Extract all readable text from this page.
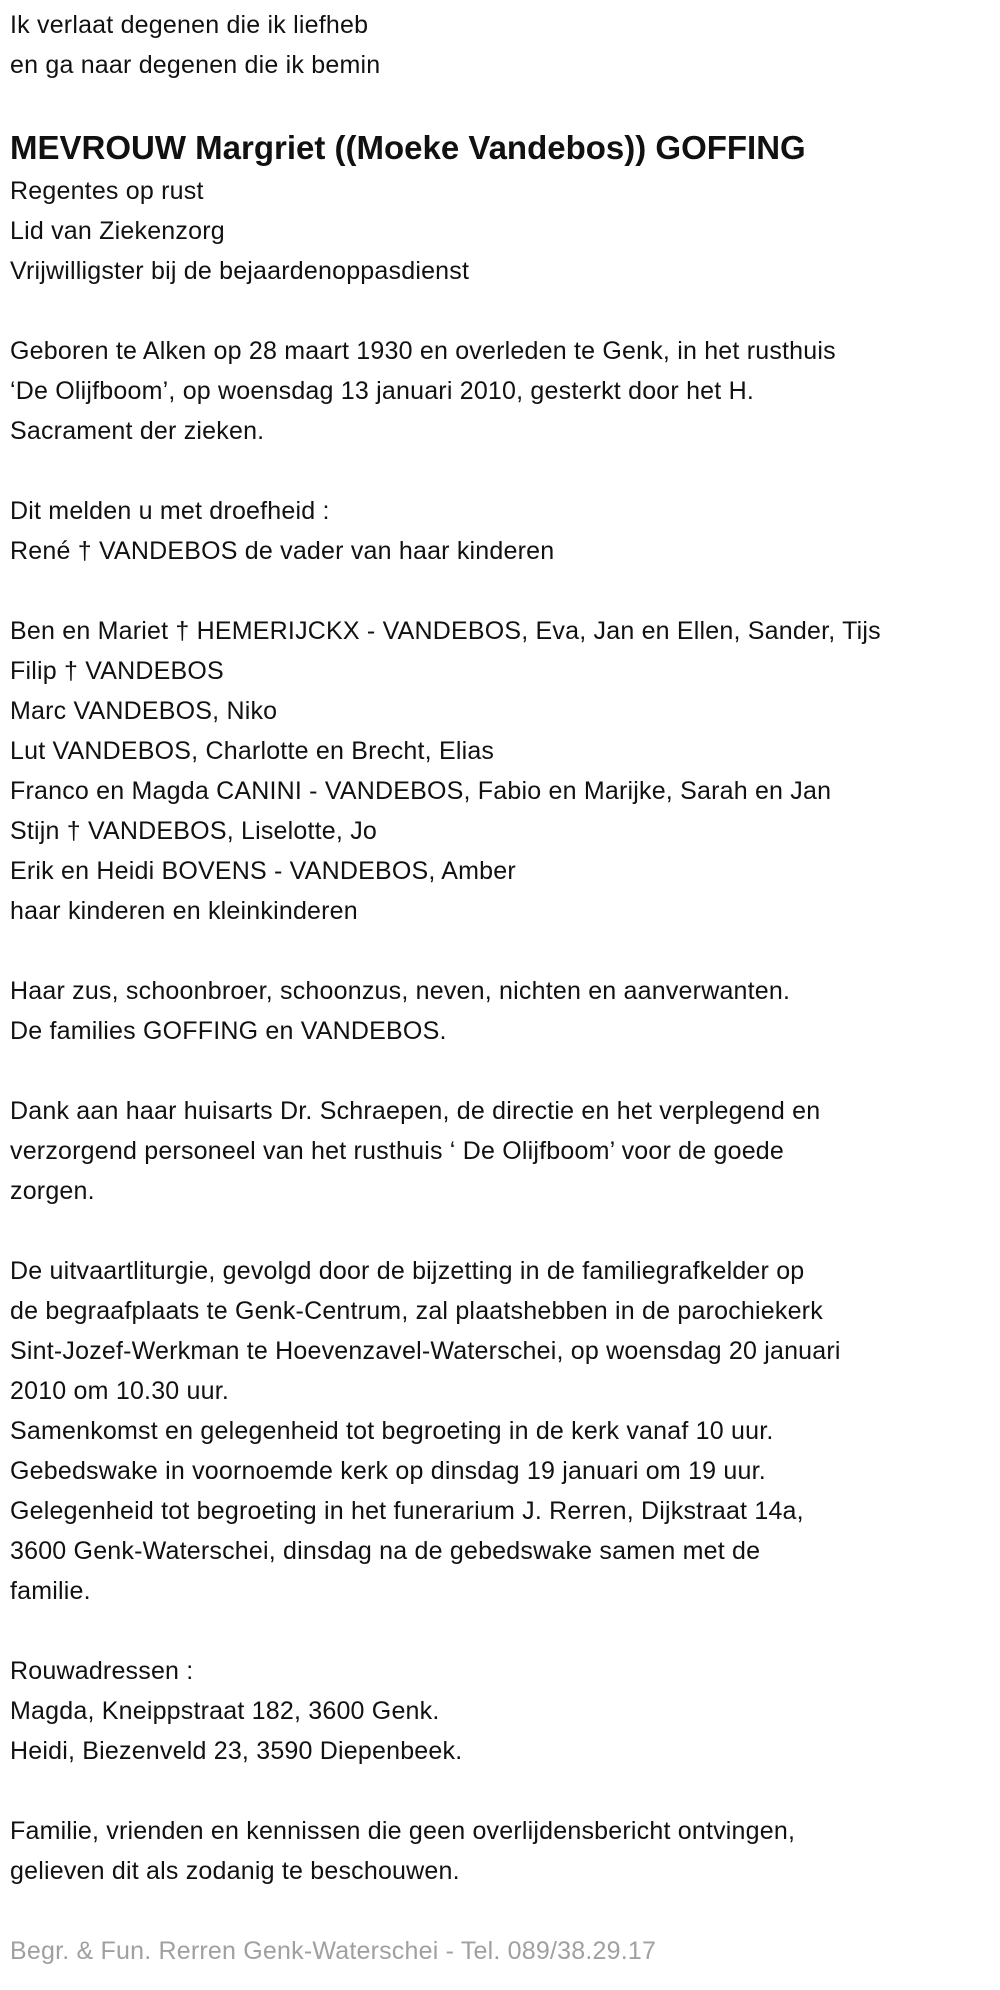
Ik verlaat degenen die ik liefheb
en ga naar degenen die ik bemin
MEVROUW Margriet ((Moeke Vandebos)) GOFFING
Regentes op rust
Lid van Ziekenzorg
Vrijwilligster bij de bejaardenoppasdienst
Geboren te Alken op 28 maart 1930 en overleden te Genk, in het rusthuis
‘De Olijfboom’, op woensdag 13 januari 2010, gesterkt door het H.
Sacrament der zieken.
Dit melden u met droefheid :
René † VANDEBOS de vader van haar kinderen
Ben en Mariet † HEMERIJCKX - VANDEBOS, Eva, Jan en Ellen, Sander, Tijs
Filip † VANDEBOS
Marc VANDEBOS, Niko
Lut VANDEBOS, Charlotte en Brecht, Elias
Franco en Magda CANINI - VANDEBOS, Fabio en Marijke, Sarah en Jan
Stijn † VANDEBOS, Liselotte, Jo
Erik en Heidi BOVENS - VANDEBOS, Amber
haar kinderen en kleinkinderen
Haar zus, schoonbroer, schoonzus, neven, nichten en aanverwanten.
De families GOFFING en VANDEBOS.
Dank aan haar huisarts Dr. Schraepen, de directie en het verplegend en
verzorgend personeel van het rusthuis ‘ De Olijfboom’ voor de goede
zorgen.
De uitvaartliturgie, gevolgd door de bijzetting in de familiegrafkelder op
de begraafplaats te Genk-Centrum, zal plaatshebben in de parochiekerk
Sint-Jozef-Werkman te Hoevenzavel-Waterschei, op woensdag 20 januari
2010 om 10.30 uur.
Samenkomst en gelegenheid tot begroeting in de kerk vanaf 10 uur.
Gebedswake in voornoemde kerk op dinsdag 19 januari om 19 uur.
Gelegenheid tot begroeting in het funerarium J. Rerren, Dijkstraat 14a,
3600 Genk-Waterschei, dinsdag na de gebedswake samen met de
familie.
Rouwadressen :
Magda, Kneippstraat 182, 3600 Genk.
Heidi, Biezenveld 23, 3590 Diepenbeek.
Familie, vrienden en kennissen die geen overlijdensbericht ontvingen,
gelieven dit als zodanig te beschouwen.
Begr. & Fun. Rerren Genk-Waterschei - Tel. 089/38.29.17
